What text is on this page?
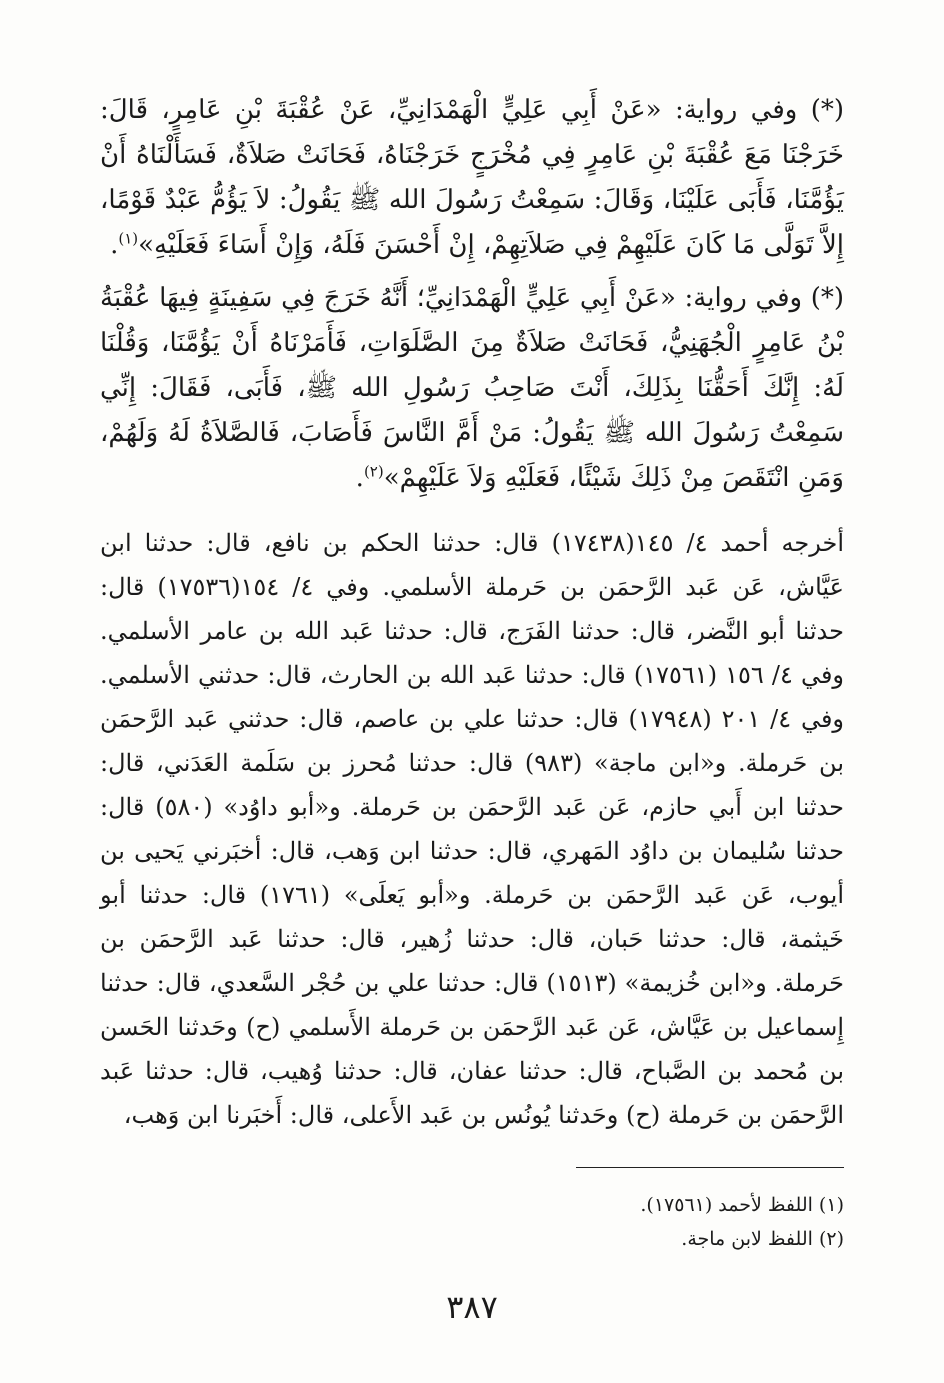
(*) وفي رواية: «عَنْ أَبِي عَلِيٍّ الْهَمْدَانِيِّ، عَنْ عُقْبَةَ بْنِ عَامِرٍ، قَالَ: خَرَجْنَا مَعَ عُقْبَةَ بْنِ عَامِرٍ فِي مُخْرَجٍ خَرَجْنَاهُ، فَحَانَتْ صَلاَةٌ، فَسَأَلْنَاهُ أَنْ يَؤُمَّنَا، فَأَبَى عَلَيْنَا، وَقَالَ: سَمِعْتُ رَسُولَ الله ﷺ يَقُولُ: لاَ يَؤُمُّ عَبْدٌ قَوْمًا، إِلاَّ تَوَلَّى مَا كَانَ عَلَيْهِمْ فِي صَلاَتِهِمْ، إِنْ أَحْسَنَ فَلَهُ، وَإِنْ أَسَاءَ فَعَلَيْهِ»$^{(١)}$.

(*) وفي رواية: «عَنْ أَبِي عَلِيٍّ الْهَمْدَانِيِّ؛ أَنَّهُ خَرَجَ فِي سَفِينَةٍ فِيهَا عُقْبَةُ بْنُ عَامِرٍ الْجُهَنِيُّ، فَحَانَتْ صَلاَةٌ مِنَ الصَّلَوَاتِ، فَأَمَرْنَاهُ أَنْ يَؤُمَّنَا، وَقُلْنَا لَهُ: إِنَّكَ أَحَقُّنَا بِذَلِكَ، أَنْتَ صَاحِبُ رَسُولِ الله ﷺ، فَأَبَى، فَقَالَ: إِنِّي سَمِعْتُ رَسُولَ الله ﷺ يَقُولُ: مَنْ أَمَّ النَّاسَ فَأَصَابَ، فَالصَّلاَةُ لَهُ وَلَهُمْ، وَمَنِ انْتَقَصَ مِنْ ذَلِكَ شَيْئًا، فَعَلَيْهِ وَلاَ عَلَيْهِمْ»$^{(٢)}$.

أخرجه أحمد ٤/ ١٤٥(١٧٤٣٨) قال: حدثنا الحكم بن نافع، قال: حدثنا ابن عَيَّاش، عَن عَبد الرَّحمَن بن حَرملة الأسلمي. وفي ٤/ ١٥٤(١٧٥٣٦) قال: حدثنا أبو النَّضر، قال: حدثنا الفَرَج، قال: حدثنا عَبد الله بن عامر الأسلمي. وفي ٤/ ١٥٦ (١٧٥٦١) قال: حدثنا عَبد الله بن الحارث، قال: حدثني الأسلمي. وفي ٤/ ٢٠١ (١٧٩٤٨) قال: حدثنا علي بن عاصم، قال: حدثني عَبد الرَّحمَن بن حَرملة. و«ابن ماجة» (٩٨٣) قال: حدثنا مُحرز بن سَلَمة العَدَني، قال: حدثنا ابن أَبي حازم، عَن عَبد الرَّحمَن بن حَرملة. و«أبو داوُد» (٥٨٠) قال: حدثنا سُليمان بن داوُد المَهري، قال: حدثنا ابن وَهب، قال: أخبَرني يَحيى بن أيوب، عَن عَبد الرَّحمَن بن حَرملة. و«أبو يَعلَى» (١٧٦١) قال: حدثنا أبو خَيثمة، قال: حدثنا حَبان، قال: حدثنا زُهير، قال: حدثنا عَبد الرَّحمَن بن حَرملة. و«ابن خُزيمة» (١٥١٣) قال: حدثنا علي بن حُجْر السَّعدي، قال: حدثنا إِسماعيل بن عَيَّاش، عَن عَبد الرَّحمَن بن حَرملة الأَسلمي (ح) وحَدثنا الحَسن بن مُحمد بن الصَّباح، قال: حدثنا عفان، قال: حدثنا وُهيب، قال: حدثنا عَبد الرَّحمَن بن حَرملة (ح) وحَدثنا يُونُس بن عَبد الأَعلى، قال: أَخبَرنا ابن وَهب،
(١) اللفظ لأحمد (١٧٥٦١).
(٢) اللفظ لابن ماجة.
٣٨٧
